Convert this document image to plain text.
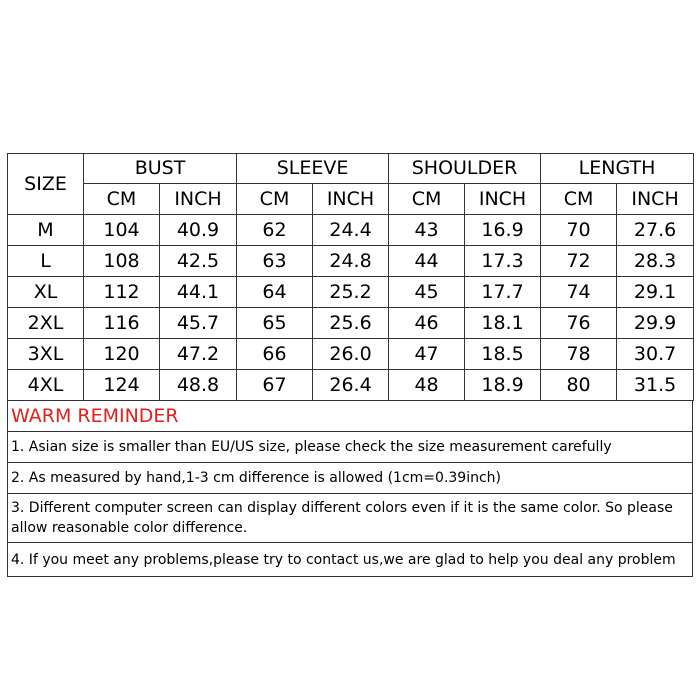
SIZE	BUST		SLEEVE		SHOULDER		LENGTH	
	CM	INCH	CM	INCH	CM	INCH	CM	INCH
M	104	40.9	62	24.4	43	16.9	70	27.6
L	108	42.5	63	24.8	44	17.3	72	28.3
XL	112	44.1	64	25.2	45	17.7	74	29.1
2XL	116	45.7	65	25.6	46	18.1	76	29.9
3XL	120	47.2	66	26.0	47	18.5	78	30.7
4XL	124	48.8	67	26.4	48	18.9	80	31.5
WARM REMINDER
1. Asian size is smaller than EU/US size, please check the size measurement carefully
2. As measured by hand,1-3 cm difference is allowed (1cm=0.39inch)
3. Different computer screen can display different colors even if it is the same color. So please allow reasonable color difference.
4. If you meet any problems,please try to contact us,we are glad to help you deal any problem
